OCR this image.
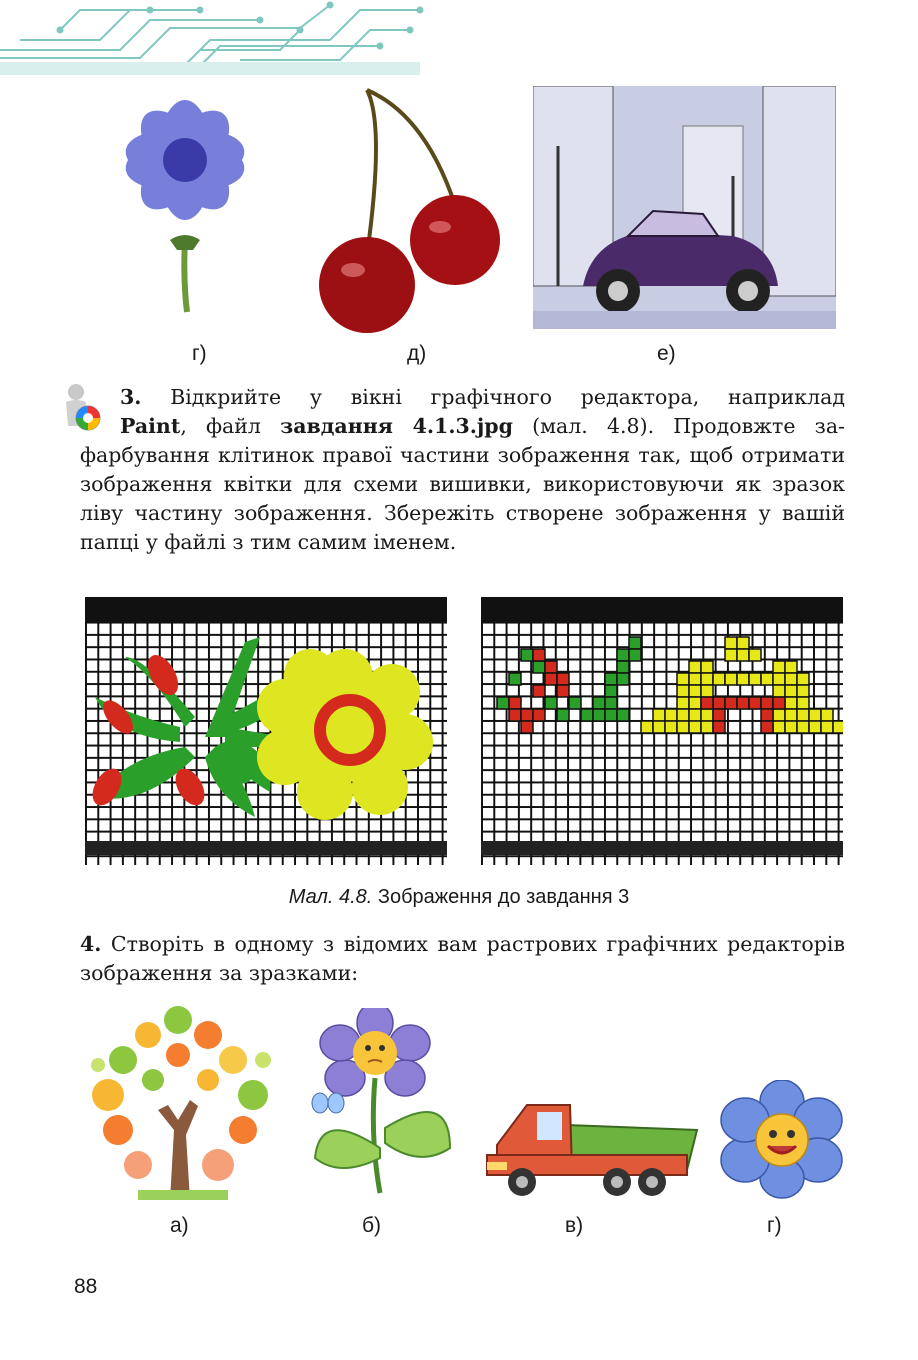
г)	д)	е)
3. Відкрийте у вікні графічного редактора, наприклад
Paint, файл завдання 4.1.3.jpg (мал. 4.8). Продовжте за-
фарбування клітинок правої частини зображення так, щоб отримати зображення квітки для схеми вишивки, використовуючи як зразок ліву частину зображення. Збережіть створене зображення у вашій папці у файлі з тим самим іменем.
Мал. 4.8. Зображення до завдання 3
4. Створіть в одному з відомих вам растрових графічних редакторів зображення за зразками:
а)	б)	в)	г)
88
